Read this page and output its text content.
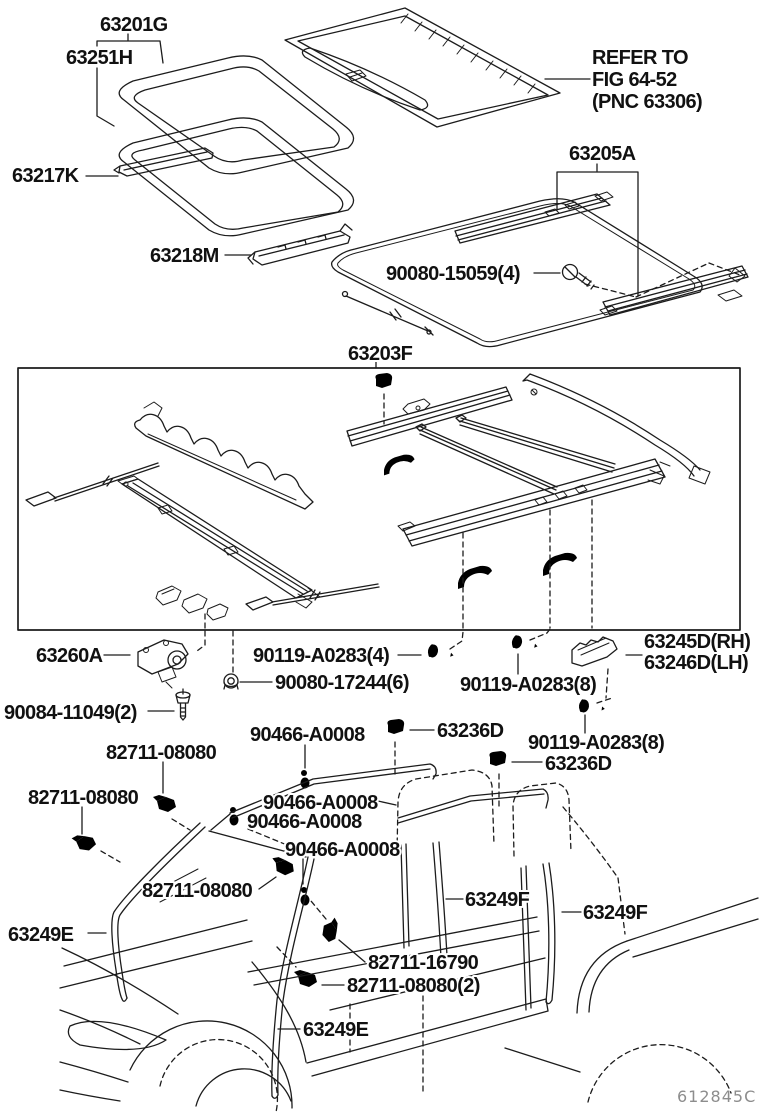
63201G
63251H
63217K
63218M
REFER TO
FIG 64-52
(PNC 63306)
63205A
90080-15059(4)
63203F
63260A	90119-A0283(4)
90080-17244(6)
63245D(RH)
63246D(LH)
90119-A0283(8)
90084-11049(2)
90466-A0008	63236D
90119-A0283(8)
63236D
82711-08080
82711-08080	90466-A0008
90466-A0008
90466-A0008
82711-08080	63249F
63249F
63249E
82711-16790
82711-08080(2)
63249E
612845C
